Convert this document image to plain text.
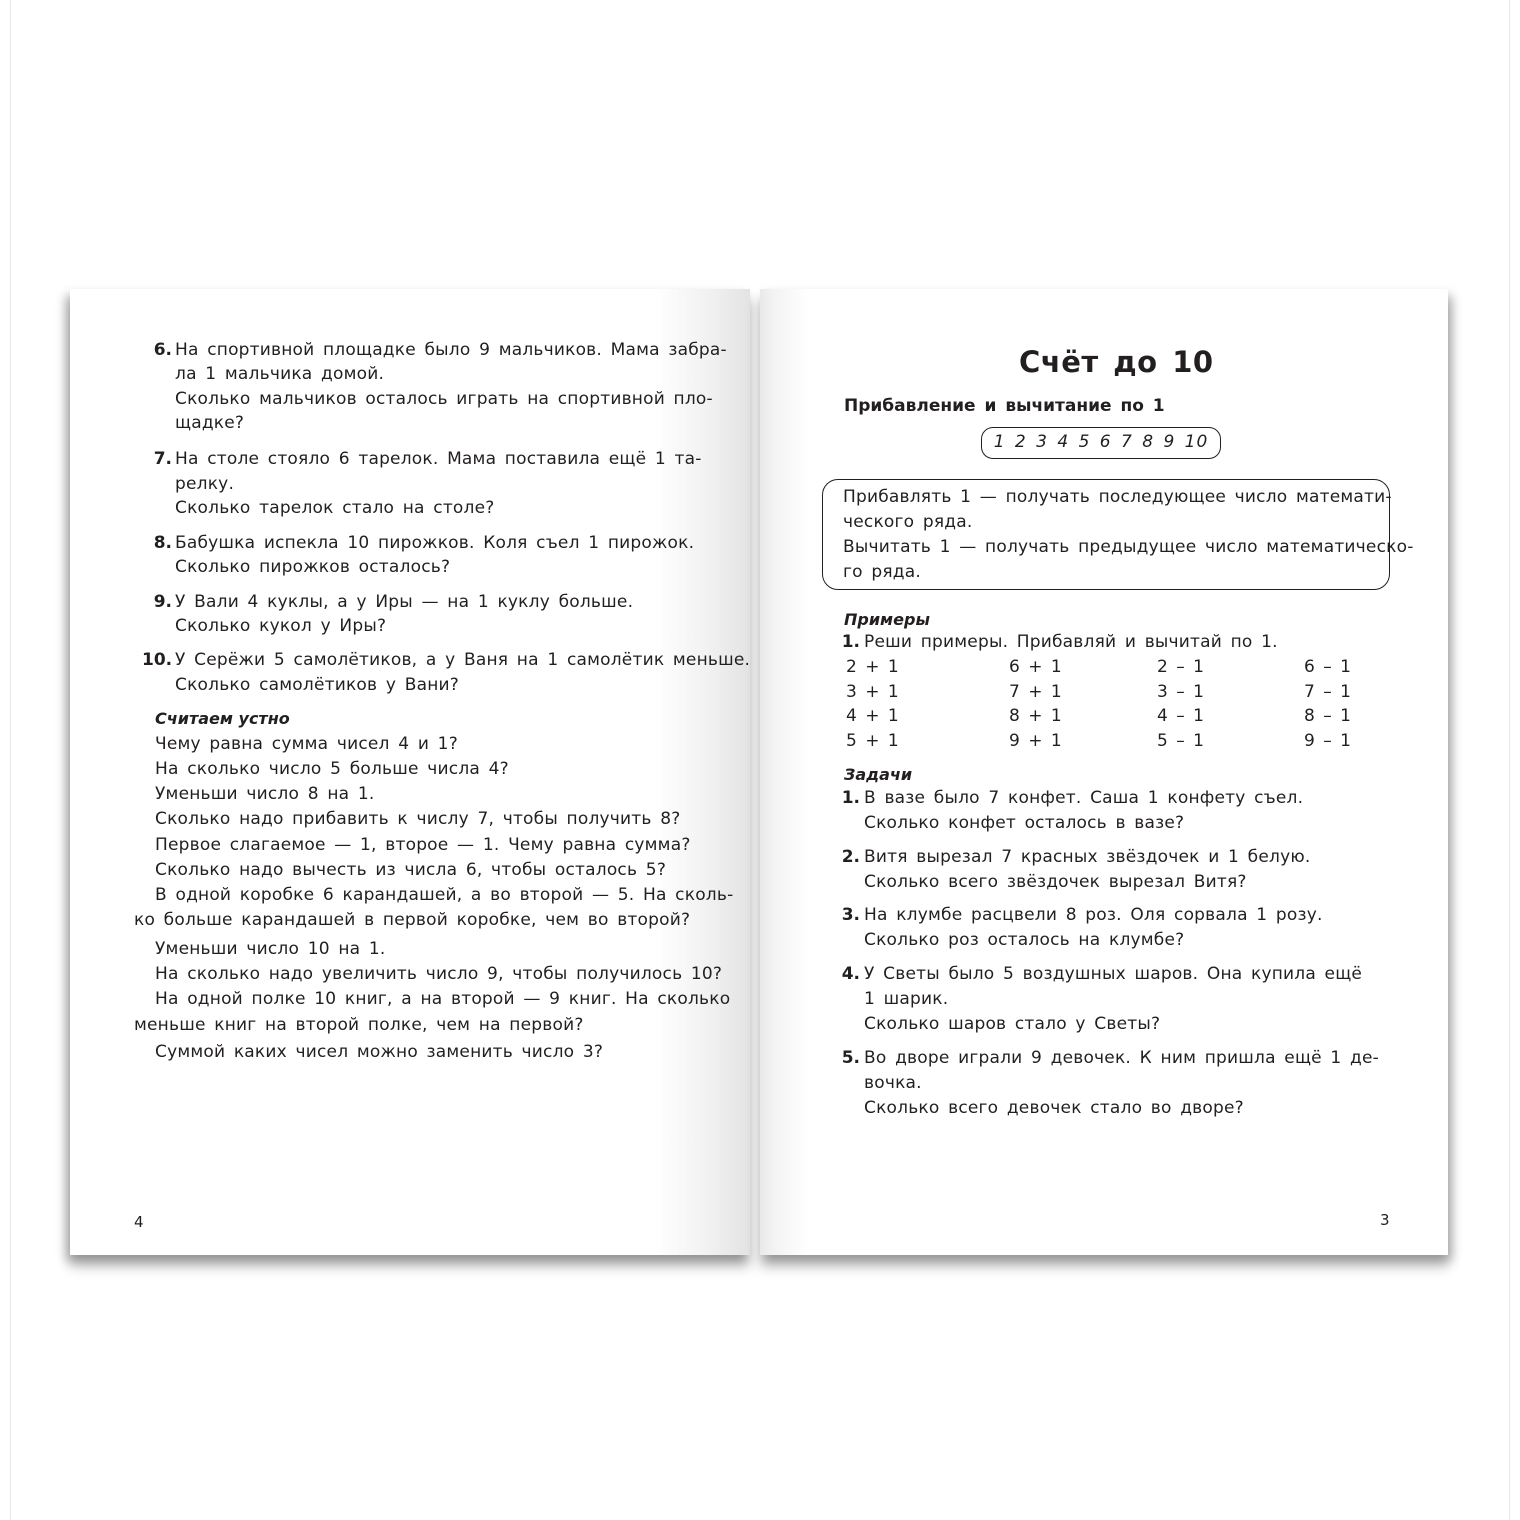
6. На спортивной площадке было 9 мальчиков. Мама забра-
ла 1 мальчика домой.
Сколько мальчиков осталось играть на спортивной пло-
щадке?
7. На столе стояло 6 тарелок. Мама поставила ещё 1 та-
релку.
Сколько тарелок стало на столе?
8. Бабушка испекла 10 пирожков. Коля съел 1 пирожок.
Сколько пирожков осталось?
9. У Вали 4 куклы, а у Иры — на 1 куклу больше.
Сколько кукол у Иры?
10. У Серёжи 5 самолётиков, а у Ваня на 1 самолётик меньше.
Сколько самолётиков у Вани?
Считаем устно
Чему равна сумма чисел 4 и 1?
На сколько число 5 больше числа 4?
Уменьши число 8 на 1.
Сколько надо прибавить к числу 7, чтобы получить 8?
Первое слагаемое — 1, второе — 1. Чему равна сумма?
Сколько надо вычесть из числа 6, чтобы осталось 5?
В одной коробке 6 карандашей, а во второй — 5. На сколь-
ко больше карандашей в первой коробке, чем во второй?
Уменьши число 10 на 1.
На сколько надо увеличить число 9, чтобы получилось 10?
На одной полке 10 книг, а на второй — 9 книг. На сколько
меньше книг на второй полке, чем на первой?
Суммой каких чисел можно заменить число 3?
4
Счёт до 10
Прибавление и вычитание по 1
1 2 3 4 5 6 7 8 9 10
Прибавлять 1 — получать последующее число математи-
ческого ряда.
Вычитать 1 — получать предыдущее число математическо-
го ряда.
Примеры
1. Реши примеры. Прибавляй и вычитай по 1.
2 + 1
3 + 1
4 + 1
5 + 1
6 + 1
7 + 1
8 + 1
9 + 1
2 – 1
3 – 1
4 – 1
5 – 1
6 – 1
7 – 1
8 – 1
9 – 1
Задачи
1. В вазе было 7 конфет. Саша 1 конфету съел.
Сколько конфет осталось в вазе?
2. Витя вырезал 7 красных звёздочек и 1 белую.
Сколько всего звёздочек вырезал Витя?
3. На клумбе расцвели 8 роз. Оля сорвала 1 розу.
Сколько роз осталось на клумбе?
4. У Светы было 5 воздушных шаров. Она купила ещё
1 шарик.
Сколько шаров стало у Светы?
5. Во дворе играли 9 девочек. К ним пришла ещё 1 де-
вочка.
Сколько всего девочек стало во дворе?
3
